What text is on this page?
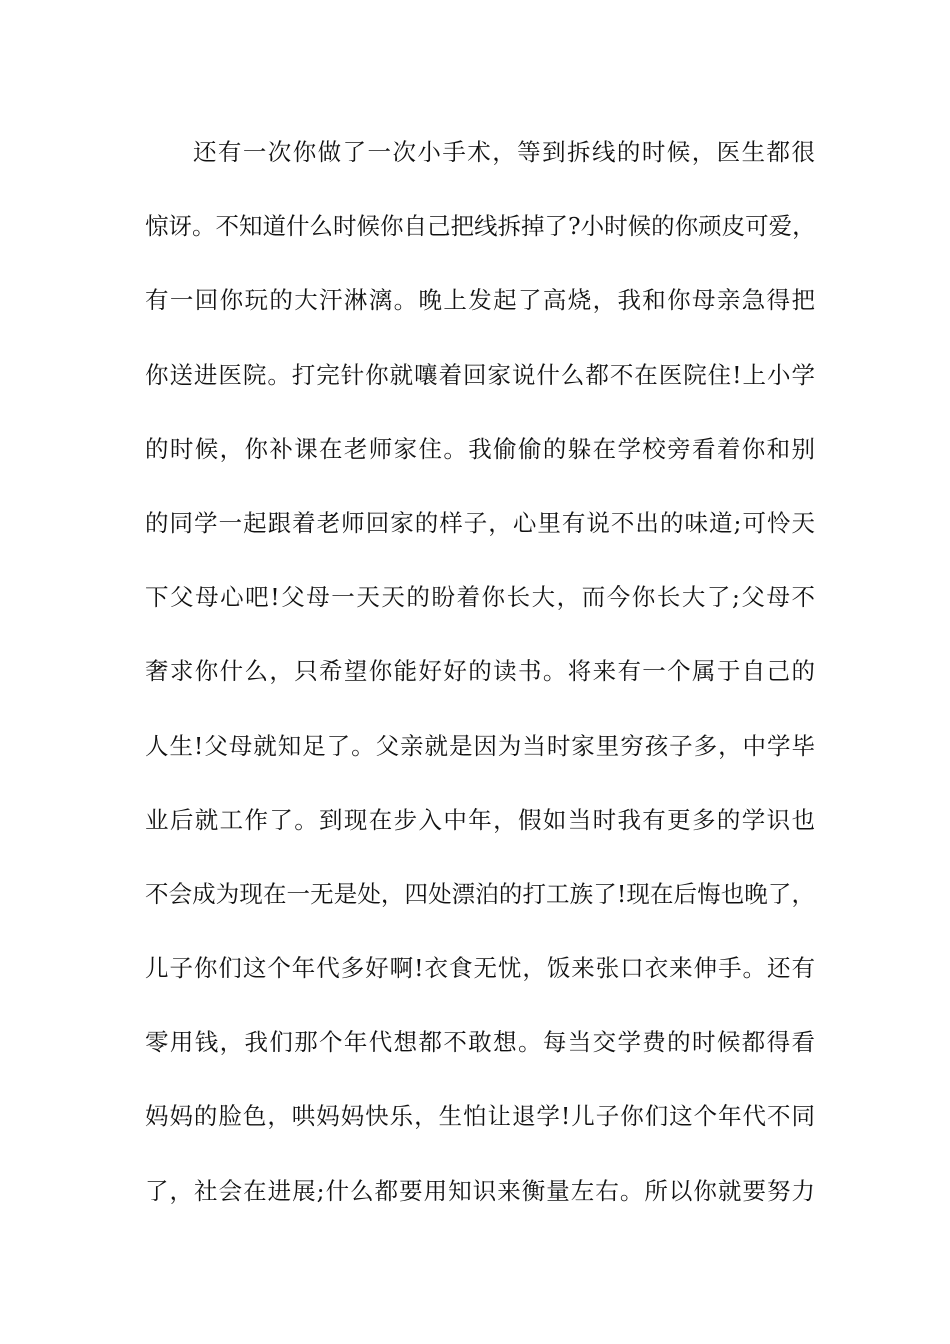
还有一次你做了一次小手术，等到拆线的时候，医生都很
惊讶。不知道什么时候你自己把线拆掉了?小时候的你顽皮可爱，
有一回你玩的大汗淋漓。晚上发起了高烧，我和你母亲急得把
你送进医院。打完针你就嚷着回家说什么都不在医院住!上小学
的时候，你补课在老师家住。我偷偷的躲在学校旁看着你和别
的同学一起跟着老师回家的样子，心里有说不出的味道;可怜天
下父母心吧!父母一天天的盼着你长大，而今你长大了;父母不
奢求你什么，只希望你能好好的读书。将来有一个属于自己的
人生!父母就知足了。父亲就是因为当时家里穷孩子多，中学毕
业后就工作了。到现在步入中年，假如当时我有更多的学识也
不会成为现在一无是处，四处漂泊的打工族了!现在后悔也晚了，
儿子你们这个年代多好啊!衣食无忧，饭来张口衣来伸手。还有
零用钱，我们那个年代想都不敢想。每当交学费的时候都得看
妈妈的脸色，哄妈妈快乐，生怕让退学!儿子你们这个年代不同
了，社会在进展;什么都要用知识来衡量左右。所以你就要努力
